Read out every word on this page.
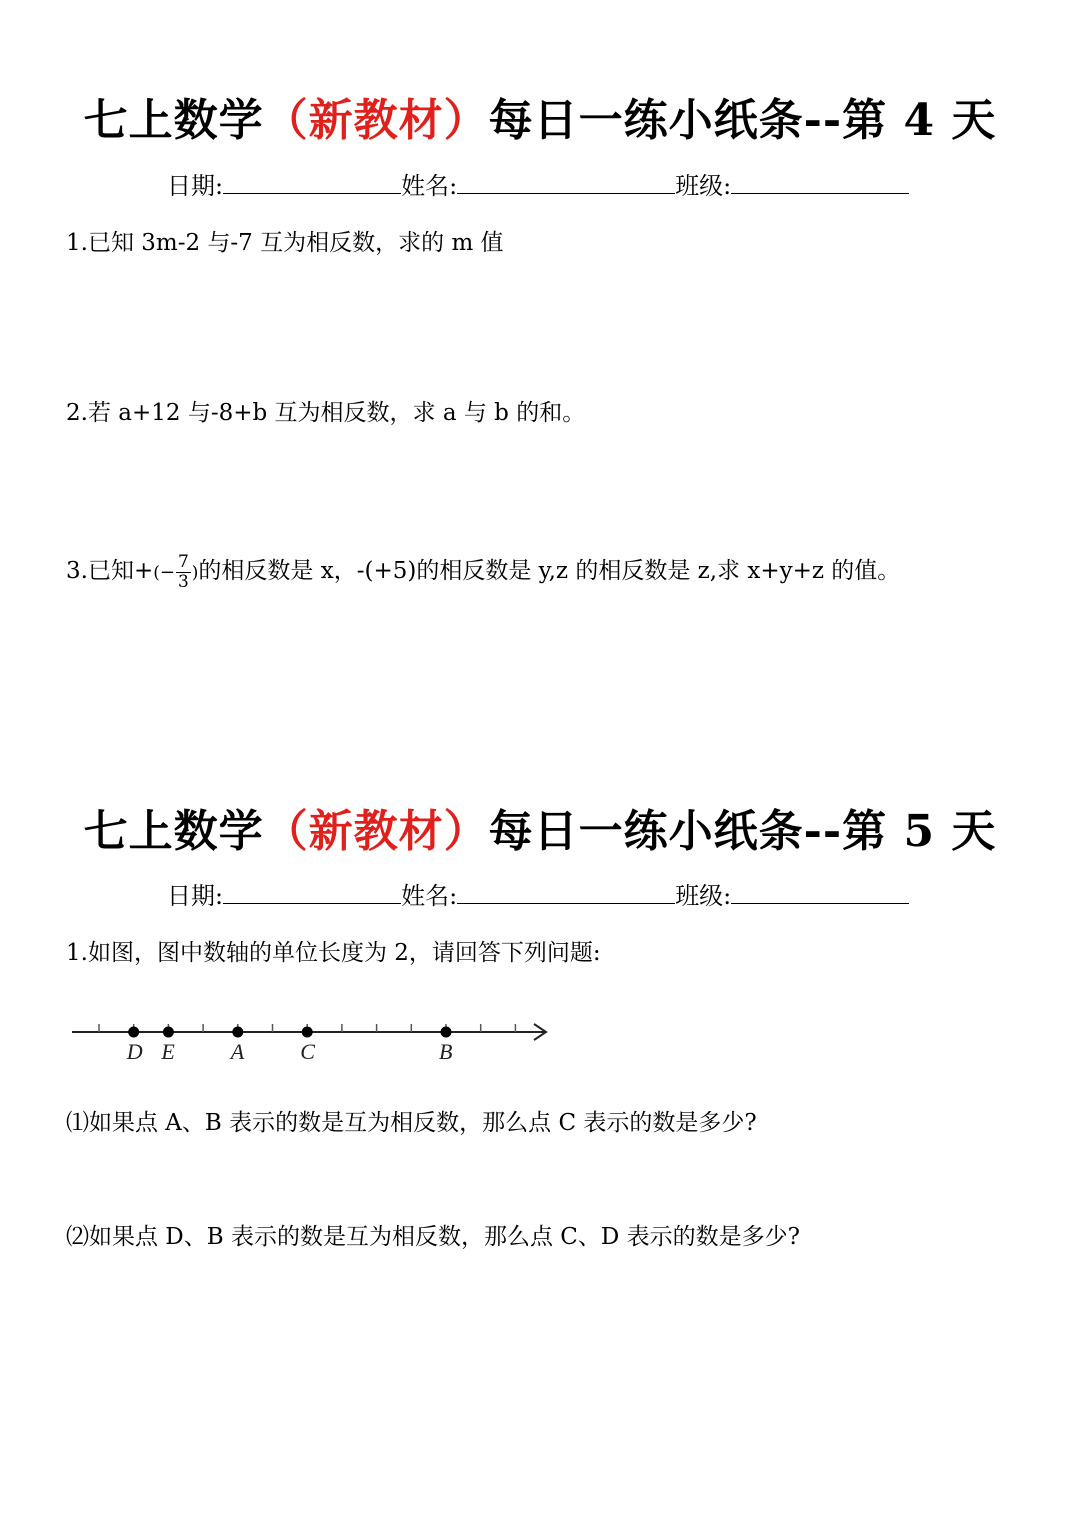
七上数学（新教材）每日一练小纸条--第 4 天
日期:	姓名:	班级:
1.已知 3m-2 与-7 互为相反数，求的 m 值
2.若 a+12 与-8+b 互为相反数，求 a 与 b 的和。
3.已知+(− $\frac{7}{3}$ )的相反数是 x，-(+5)的相反数是 y,z 的相反数是 z,求 x+y+z 的值。
七上数学（新教材）每日一练小纸条--第 5 天
日期:	姓名:	班级:
1.如图，图中数轴的单位长度为 2，请回答下列问题:
D E	A	C	B
⑴如果点 A、B 表示的数是互为相反数，那么点 C 表示的数是多少?
⑵如果点 D、B 表示的数是互为相反数，那么点 C、D 表示的数是多少?
